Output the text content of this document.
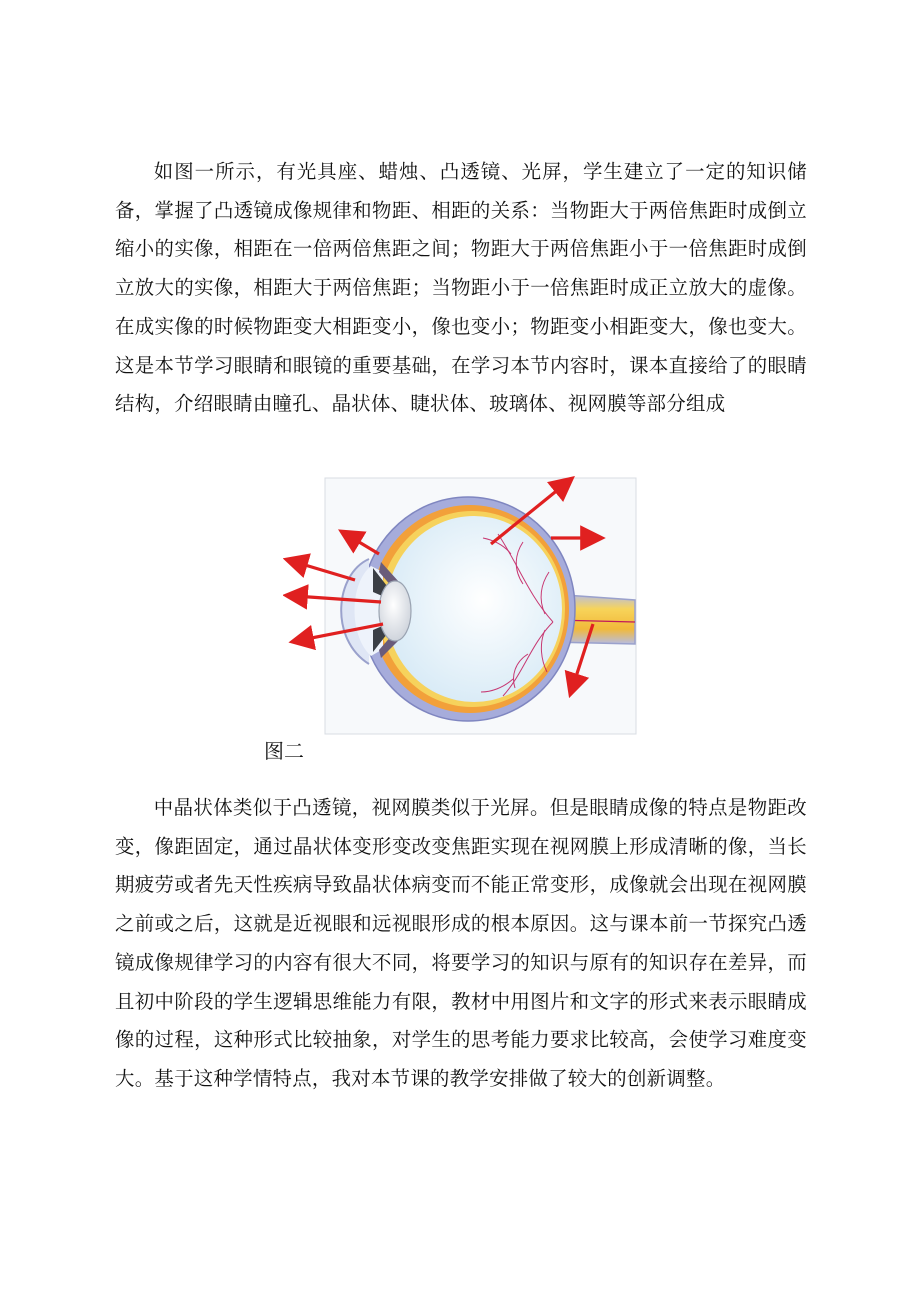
如图一所示，有光具座、蜡烛、凸透镜、光屏，学生建立了一定的知识储备，掌握了凸透镜成像规律和物距、相距的关系：当物距大于两倍焦距时成倒立缩小的实像，相距在一倍两倍焦距之间；物距大于两倍焦距小于一倍焦距时成倒立放大的实像，相距大于两倍焦距；当物距小于一倍焦距时成正立放大的虚像。在成实像的时候物距变大相距变小，像也变小；物距变小相距变大，像也变大。这是本节学习眼睛和眼镜的重要基础，在学习本节内容时，课本直接给了的眼睛结构，介绍眼睛由瞳孔、晶状体、睫状体、玻璃体、视网膜等部分组成

图二

中晶状体类似于凸透镜，视网膜类似于光屏。但是眼睛成像的特点是物距改变，像距固定，通过晶状体变形变改变焦距实现在视网膜上形成清晰的像，当长期疲劳或者先天性疾病导致晶状体病变而不能正常变形，成像就会出现在视网膜之前或之后，这就是近视眼和远视眼形成的根本原因。这与课本前一节探究凸透镜成像规律学习的内容有很大不同，将要学习的知识与原有的知识存在差异，而且初中阶段的学生逻辑思维能力有限，教材中用图片和文字的形式来表示眼睛成像的过程，这种形式比较抽象，对学生的思考能力要求比较高，会使学习难度变大。基于这种学情特点，我对本节课的教学安排做了较大的创新调整。
